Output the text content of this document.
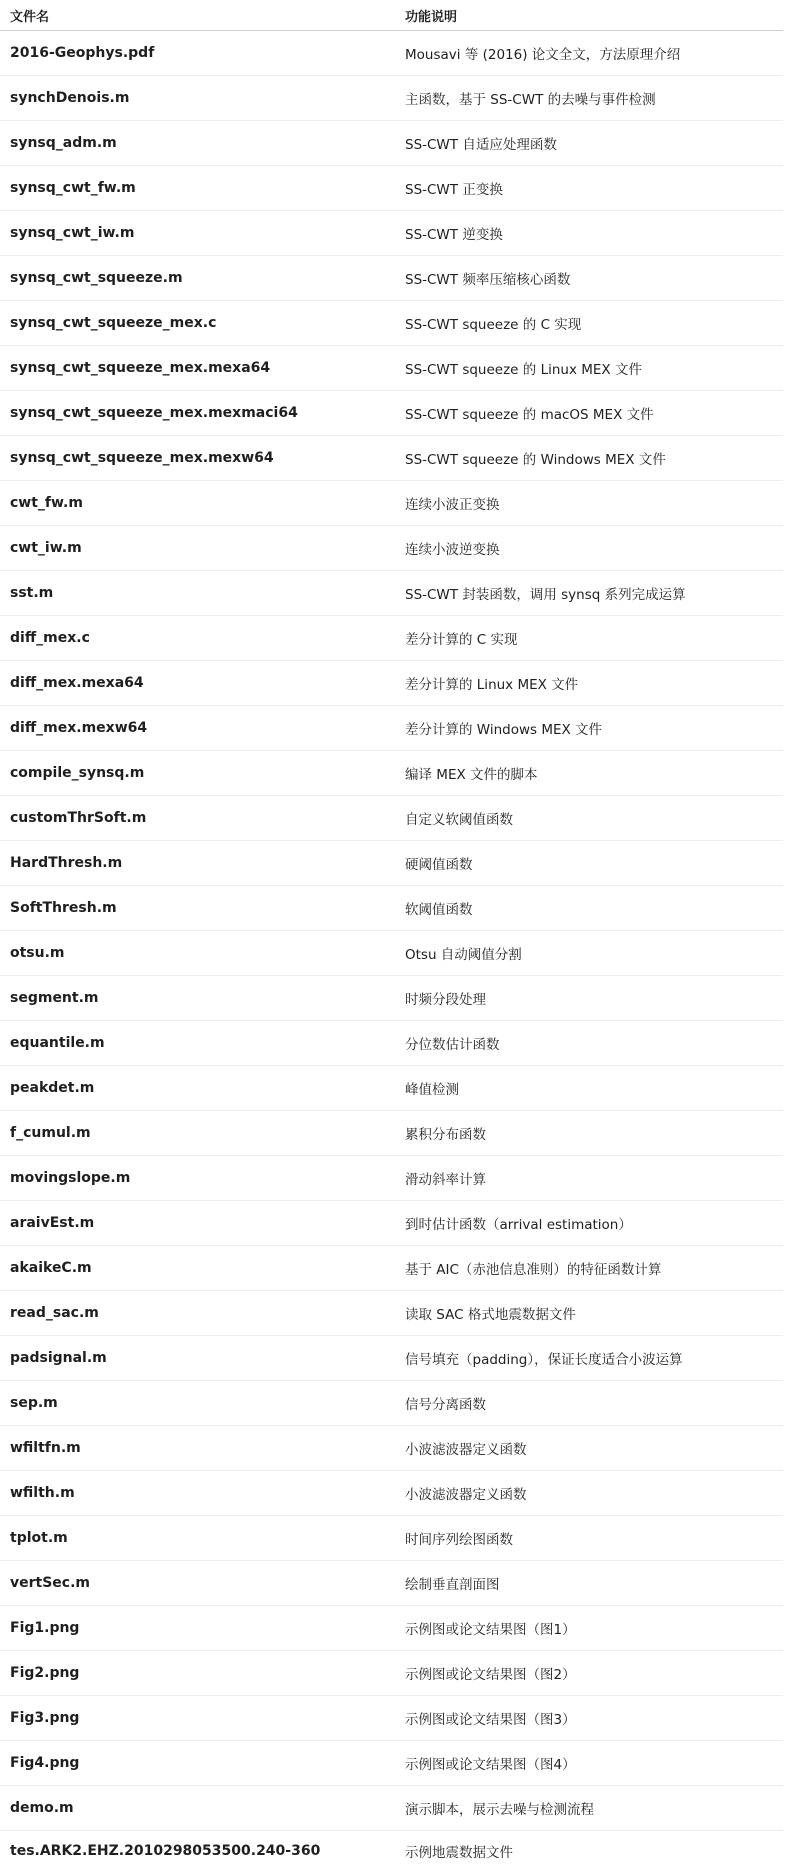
文件名	功能说明
2016-Geophys.pdf	Mousavi 等 (2016) 论文全文，方法原理介绍
synchDenois.m	主函数，基于 SS-CWT 的去噪与事件检测
synsq_adm.m	SS-CWT 自适应处理函数
synsq_cwt_fw.m	SS-CWT 正变换
synsq_cwt_iw.m	SS-CWT 逆变换
synsq_cwt_squeeze.m	SS-CWT 频率压缩核心函数
synsq_cwt_squeeze_mex.c	SS-CWT squeeze 的 C 实现
synsq_cwt_squeeze_mex.mexa64	SS-CWT squeeze 的 Linux MEX 文件
synsq_cwt_squeeze_mex.mexmaci64	SS-CWT squeeze 的 macOS MEX 文件
synsq_cwt_squeeze_mex.mexw64	SS-CWT squeeze 的 Windows MEX 文件
cwt_fw.m	连续小波正变换
cwt_iw.m	连续小波逆变换
sst.m	SS-CWT 封装函数，调用 synsq 系列完成运算
diff_mex.c	差分计算的 C 实现
diff_mex.mexa64	差分计算的 Linux MEX 文件
diff_mex.mexw64	差分计算的 Windows MEX 文件
compile_synsq.m	编译 MEX 文件的脚本
customThrSoft.m	自定义软阈值函数
HardThresh.m	硬阈值函数
SoftThresh.m	软阈值函数
otsu.m	Otsu 自动阈值分割
segment.m	时频分段处理
equantile.m	分位数估计函数
peakdet.m	峰值检测
f_cumul.m	累积分布函数
movingslope.m	滑动斜率计算
araivEst.m	到时估计函数（arrival estimation）
akaikeC.m	基于 AIC（赤池信息准则）的特征函数计算
read_sac.m	读取 SAC 格式地震数据文件
padsignal.m	信号填充（padding），保证长度适合小波运算
sep.m	信号分离函数
wfiltfn.m	小波滤波器定义函数
wfilth.m	小波滤波器定义函数
tplot.m	时间序列绘图函数
vertSec.m	绘制垂直剖面图
Fig1.png	示例图或论文结果图（图1）
Fig2.png	示例图或论文结果图（图2）
Fig3.png	示例图或论文结果图（图3）
Fig4.png	示例图或论文结果图（图4）
demo.m	演示脚本，展示去噪与检测流程
tes.ARK2.EHZ.2010298053500.240-360	示例地震数据文件
